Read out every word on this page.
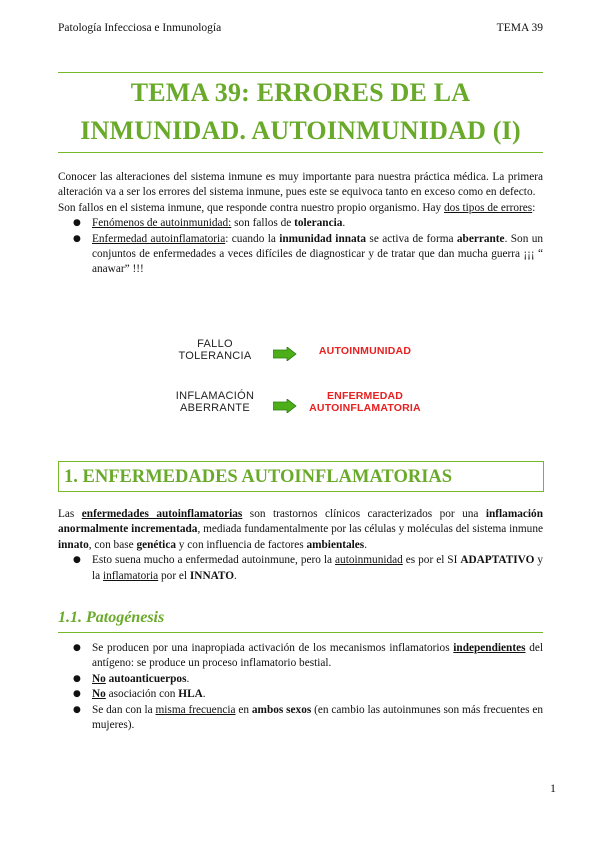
Patología Infecciosa e Inmunología	TEMA 39
TEMA 39: ERRORES DE LA
INMUNIDAD. AUTOINMUNIDAD (I)

Conocer las alteraciones del sistema inmune es muy importante para nuestra práctica médica. La primera alteración va a ser los errores del sistema inmune, pues este se equivoca tanto en exceso como en defecto.

Son fallos en el sistema inmune, que responde contra nuestro propio organismo. Hay dos tipos de errores:

● Fenómenos de autoinmunidad: son fallos de tolerancia.
● Enfermedad autoinflamatoria: cuando la inmunidad innata se activa de forma aberrante. Son un conjuntos de enfermedades a veces difíciles de diagnosticar y de tratar que dan mucha guerra ¡¡¡ “ anawar” !!!
FALLO
TOLERANCIA	AUTOINMUNIDAD
INFLAMACIÓN
ABERRANTE
ENFERMEDAD
AUTOINFLAMATORIA
1. ENFERMEDADES AUTOINFLAMATORIAS

Las enfermedades autoinflamatorias son trastornos clínicos caracterizados por una inflamación anormalmente incrementada, mediada fundamentalmente por las células y moléculas del sistema inmune innato, con base genética y con influencia de factores ambientales.

● Esto suena mucho a enfermedad autoinmune, pero la autoinmunidad es por el SI ADAPTATIVO y la inflamatoria por el INNATO.
1.1. Patogénesis
● Se producen por una inapropiada activación de los mecanismos inflamatorios independientes del antígeno: se produce un proceso inflamatorio bestial.
● No autoanticuerpos.
● No asociación con HLA.
● Se dan con la misma frecuencia en ambos sexos (en cambio las autoinmunes son más frecuentes en mujeres).
1
